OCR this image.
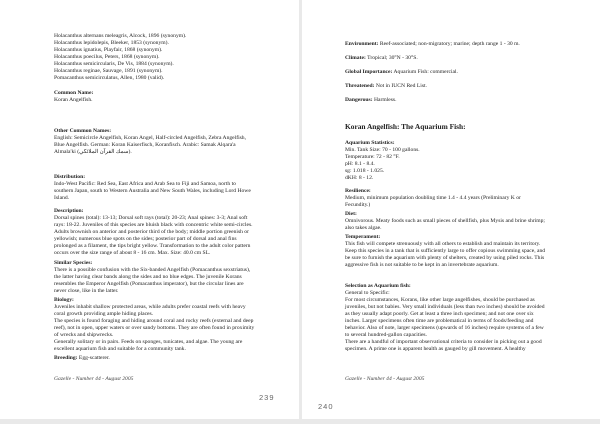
Holacanthus alternans meleagris, Alcock, 1896 (synonym).
Holacanthus lepidolepis, Bleeker, 1853 (synonym).
Holacanthus ignatius, Playfair, 1868 (synonym).
Holacanthus poecilus, Peters, 1868 (synonym).
Holacanthus semicircularis, De Vis, 1884 (synonym).
Holacanthus reginae, Sauvage, 1891 (synonym).
Pomacanthus semicirculatus, Allen, 1980 (valid).
Common Name:
Koran Angelfish.
Other Common Names:
English: Semicircle Angelfish, Koran Angel, Half-circled Angelfish, Zebra Angelfish,
Blue Angelfish. German: Koran Kaiserfisch, Koranfisch. Arabic: Samak Alqara'a
Almala'ki (سمك القرآن الملائكي).
Distribution:
Indo-West Pacific: Red Sea, East Africa and Arab Sea to Fiji and Samoa, north to
southern Japan, south to Western Australia and New South Wales, including Lord Howe
Island.
Description:
Dorsal spines (total): 13-13; Dorsal soft rays (total): 20-23; Anal spines: 3-3; Anal soft
rays: 18-22. Juveniles of this species are bluish black with concentric white semi-circles.
Adults brownish on anterior and posterior third of the body; middle portion greenish or
yellowish; numerous blue spots on the sides; posterior part of dorsal and anal fins
prolonged as a filament, the tips bright yellow. Transformation to the adult color pattern
occurs over the size range of about 8 - 16 cm. Max. Size: 40.0 cm SL.
Similar Species:
There is a possible confusion with the Six-banded Angelfish (Pomacanthus sexstriatus),
the latter having clear bands along the sides and no blue edges. The juvenile Korans
resembles the Emperor Angelfish (Pomacanthus imperator), but the circular lines are
never close, like in the latter.
Biology:
Juveniles inhabit shallow protected areas, while adults prefer coastal reefs with heavy
coral growth providing ample hiding places.
The species is found foraging and hiding around coral and rocky reefs (external and deep
reef), not in open, upper waters or over sandy bottoms. They are often found in proximity
of wrecks and shipwrecks.
Generally solitary or in pairs. Feeds on sponges, tunicates, and algae. The young are
excellent aquarium fish and suitable for a community tank.
Breeding: Egg-scatterer.
Gazelle - Number 44 - August 2005
239
Environment: Reef-associated; non-migratory; marine; depth range 1 - 30 m.
Climate: Tropical; 30°N - 30°S.
Global Importance: Aquarium Fish: commercial.
Threatened: Not in IUCN Red List.
Dangerous: Harmless.
Koran Angelfish: The Aquarium Fish:
Aquarium Statistics:
Min. Tank Size: 70 - 100 gallons.
Temperature: 72 - 82 °F.
pH: 8.1 - 8.4.
sg: 1.018 - 1.025.
dKH: 8 - 12.
Resilience:
Medium, minimum population doubling time 1.4 - 4.4 years (Preliminary K or
Fecundity.)
Diet:
Omnivorous. Meaty foods such as small pieces of shellfish, plus Mysis and brine shrimp;
also takes algae.
Temperament:
This fish will compete strenuously with all others to establish and maintain its territory.
Keep this species in a tank that is sufficiently large to offer copious swimming space, and
be sure to furnish the aquarium with plenty of shelters, created by using piled rocks. This
aggressive fish is not suitable to be kept in an invertebrate aquarium.
Selection as Aquarium fish:
General to Specific:
For most circumstances, Korans, like other large angelfishes, should be purchased as
juveniles, but not babies. Very small individuals (less than two inches) should be avoided
as they usually adapt poorly. Get at least a three inch specimen; and not one over six
inches. Larger specimens often time are problematical in terms of foods/feeding and
behavior. Also of note, larger specimens (upwards of 16 inches) require systems of a few
to several hundred-gallon capacities.
There are a handful of important observational criteria to consider in picking out a good
specimen. A prime one is apparent health as gauged by gill movement. A healthy
Gazelle - Number 44 - August 2005
240
